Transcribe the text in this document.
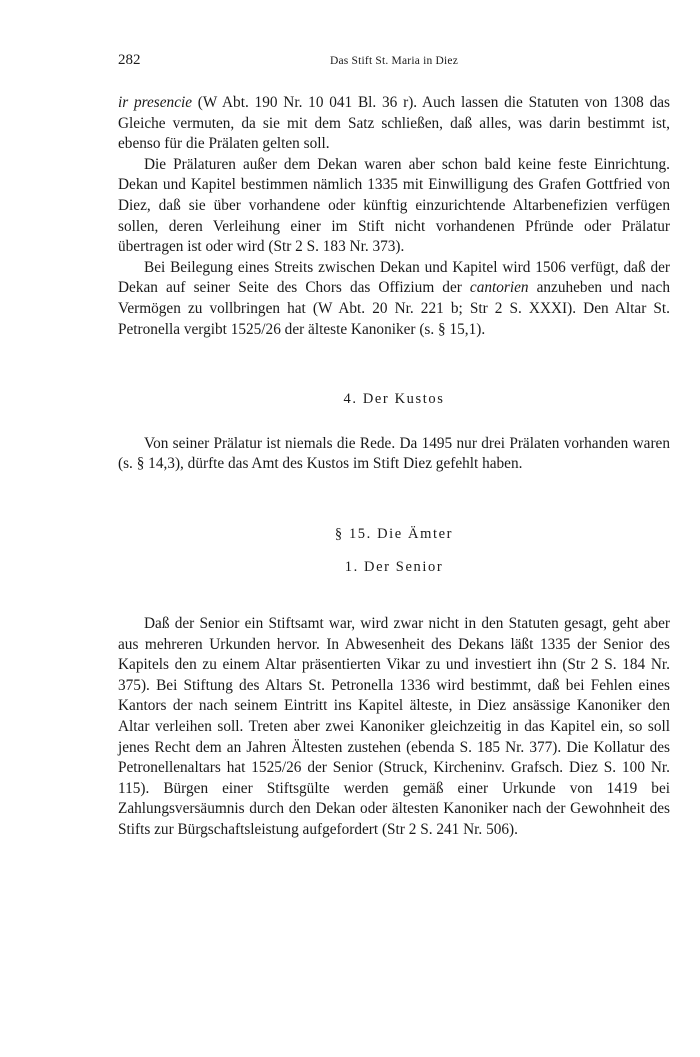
282	Das Stift St. Maria in Diez

ir presencie (W Abt. 190 Nr. 10 041 Bl. 36 r). Auch lassen die Statuten von 1308 das Gleiche vermuten, da sie mit dem Satz schließen, daß alles, was darin bestimmt ist, ebenso für die Prälaten gelten soll.

Die Prälaturen außer dem Dekan waren aber schon bald keine feste Einrichtung. Dekan und Kapitel bestimmen nämlich 1335 mit Einwilligung des Grafen Gottfried von Diez, daß sie über vorhandene oder künftig einzurichtende Altarbenefizien verfügen sollen, deren Verleihung einer im Stift nicht vorhandenen Pfründe oder Prälatur übertragen ist oder wird (Str 2 S. 183 Nr. 373).

Bei Beilegung eines Streits zwischen Dekan und Kapitel wird 1506 verfügt, daß der Dekan auf seiner Seite des Chors das Offizium der cantorien anzuheben und nach Vermögen zu vollbringen hat (W Abt. 20 Nr. 221 b; Str 2 S. XXXI). Den Altar St. Petronella vergibt 1525/26 der älteste Kanoniker (s. § 15,1).

4. Der Kustos

Von seiner Prälatur ist niemals die Rede. Da 1495 nur drei Prälaten vorhanden waren (s. § 14,3), dürfte das Amt des Kustos im Stift Diez gefehlt haben.

§ 15. Die Ämter
1. Der Senior

Daß der Senior ein Stiftsamt war, wird zwar nicht in den Statuten gesagt, geht aber aus mehreren Urkunden hervor. In Abwesenheit des Dekans läßt 1335 der Senior des Kapitels den zu einem Altar präsentierten Vikar zu und investiert ihn (Str 2 S. 184 Nr. 375). Bei Stiftung des Altars St. Petronella 1336 wird bestimmt, daß bei Fehlen eines Kantors der nach seinem Eintritt ins Kapitel älteste, in Diez ansässige Kanoniker den Altar verleihen soll. Treten aber zwei Kanoniker gleichzeitig in das Kapitel ein, so soll jenes Recht dem an Jahren Ältesten zustehen (ebenda S. 185 Nr. 377). Die Kollatur des Petronellenaltars hat 1525/26 der Senior (Struck, Kircheninv. Grafsch. Diez S. 100 Nr. 115). Bürgen einer Stiftsgülte werden gemäß einer Urkunde von 1419 bei Zahlungsversäumnis durch den Dekan oder ältesten Kanoniker nach der Gewohnheit des Stifts zur Bürgschaftsleistung aufgefordert (Str 2 S. 241 Nr. 506).
